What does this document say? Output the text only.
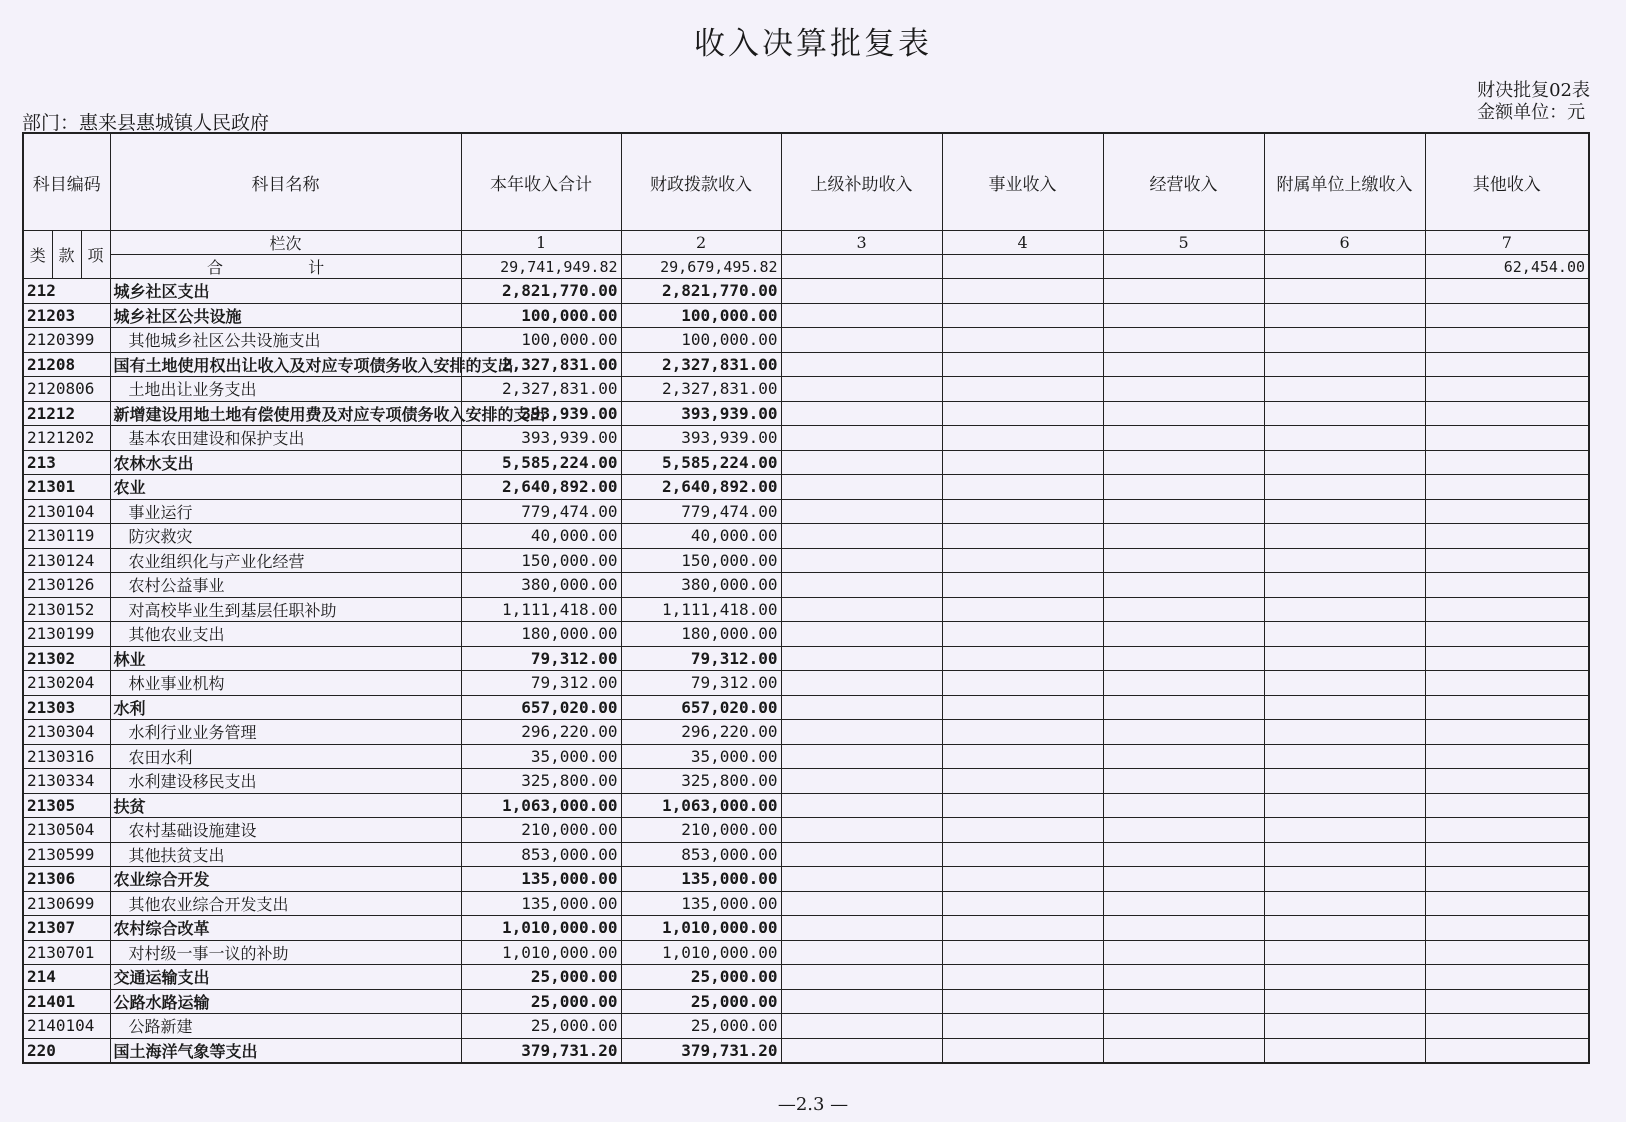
收入决算批复表
财决批复02表
金额单位：元
部门：惠来县惠城镇人民政府
科目编码			科目名称	本年收入合计	财政拨款收入	上级补助收入	事业收入	经营收入	附属单位上缴收入	其他收入
类	款	项	栏次	1	2	3	4	5	6	7
			合 计	29,741,949.82	29,679,495.82					62,454.00
212			城乡社区支出	2,821,770.00	2,821,770.00					
21203			城乡社区公共设施	100,000.00	100,000.00					
2120399			其他城乡社区公共设施支出	100,000.00	100,000.00					
21208			国有土地使用权出让收入及对应专项债务收入安排的支出	2,327,831.00	2,327,831.00					
2120806			土地出让业务支出	2,327,831.00	2,327,831.00					
21212			新增建设用地土地有偿使用费及对应专项债务收入安排的支出	393,939.00	393,939.00					
2121202			基本农田建设和保护支出	393,939.00	393,939.00					
213			农林水支出	5,585,224.00	5,585,224.00					
21301			农业	2,640,892.00	2,640,892.00					
2130104			事业运行	779,474.00	779,474.00					
2130119			防灾救灾	40,000.00	40,000.00					
2130124			农业组织化与产业化经营	150,000.00	150,000.00					
2130126			农村公益事业	380,000.00	380,000.00					
2130152			对高校毕业生到基层任职补助	1,111,418.00	1,111,418.00					
2130199			其他农业支出	180,000.00	180,000.00					
21302			林业	79,312.00	79,312.00					
2130204			林业事业机构	79,312.00	79,312.00					
21303			水利	657,020.00	657,020.00					
2130304			水利行业业务管理	296,220.00	296,220.00					
2130316			农田水利	35,000.00	35,000.00					
2130334			水利建设移民支出	325,800.00	325,800.00					
21305			扶贫	1,063,000.00	1,063,000.00					
2130504			农村基础设施建设	210,000.00	210,000.00					
2130599			其他扶贫支出	853,000.00	853,000.00					
21306			农业综合开发	135,000.00	135,000.00					
2130699			其他农业综合开发支出	135,000.00	135,000.00					
21307			农村综合改革	1,010,000.00	1,010,000.00					
2130701			对村级一事一议的补助	1,010,000.00	1,010,000.00					
214			交通运输支出	25,000.00	25,000.00					
21401			公路水路运输	25,000.00	25,000.00					
2140104			公路新建	25,000.00	25,000.00					
220			国土海洋气象等支出	379,731.20	379,731.20					
—2.3 —
